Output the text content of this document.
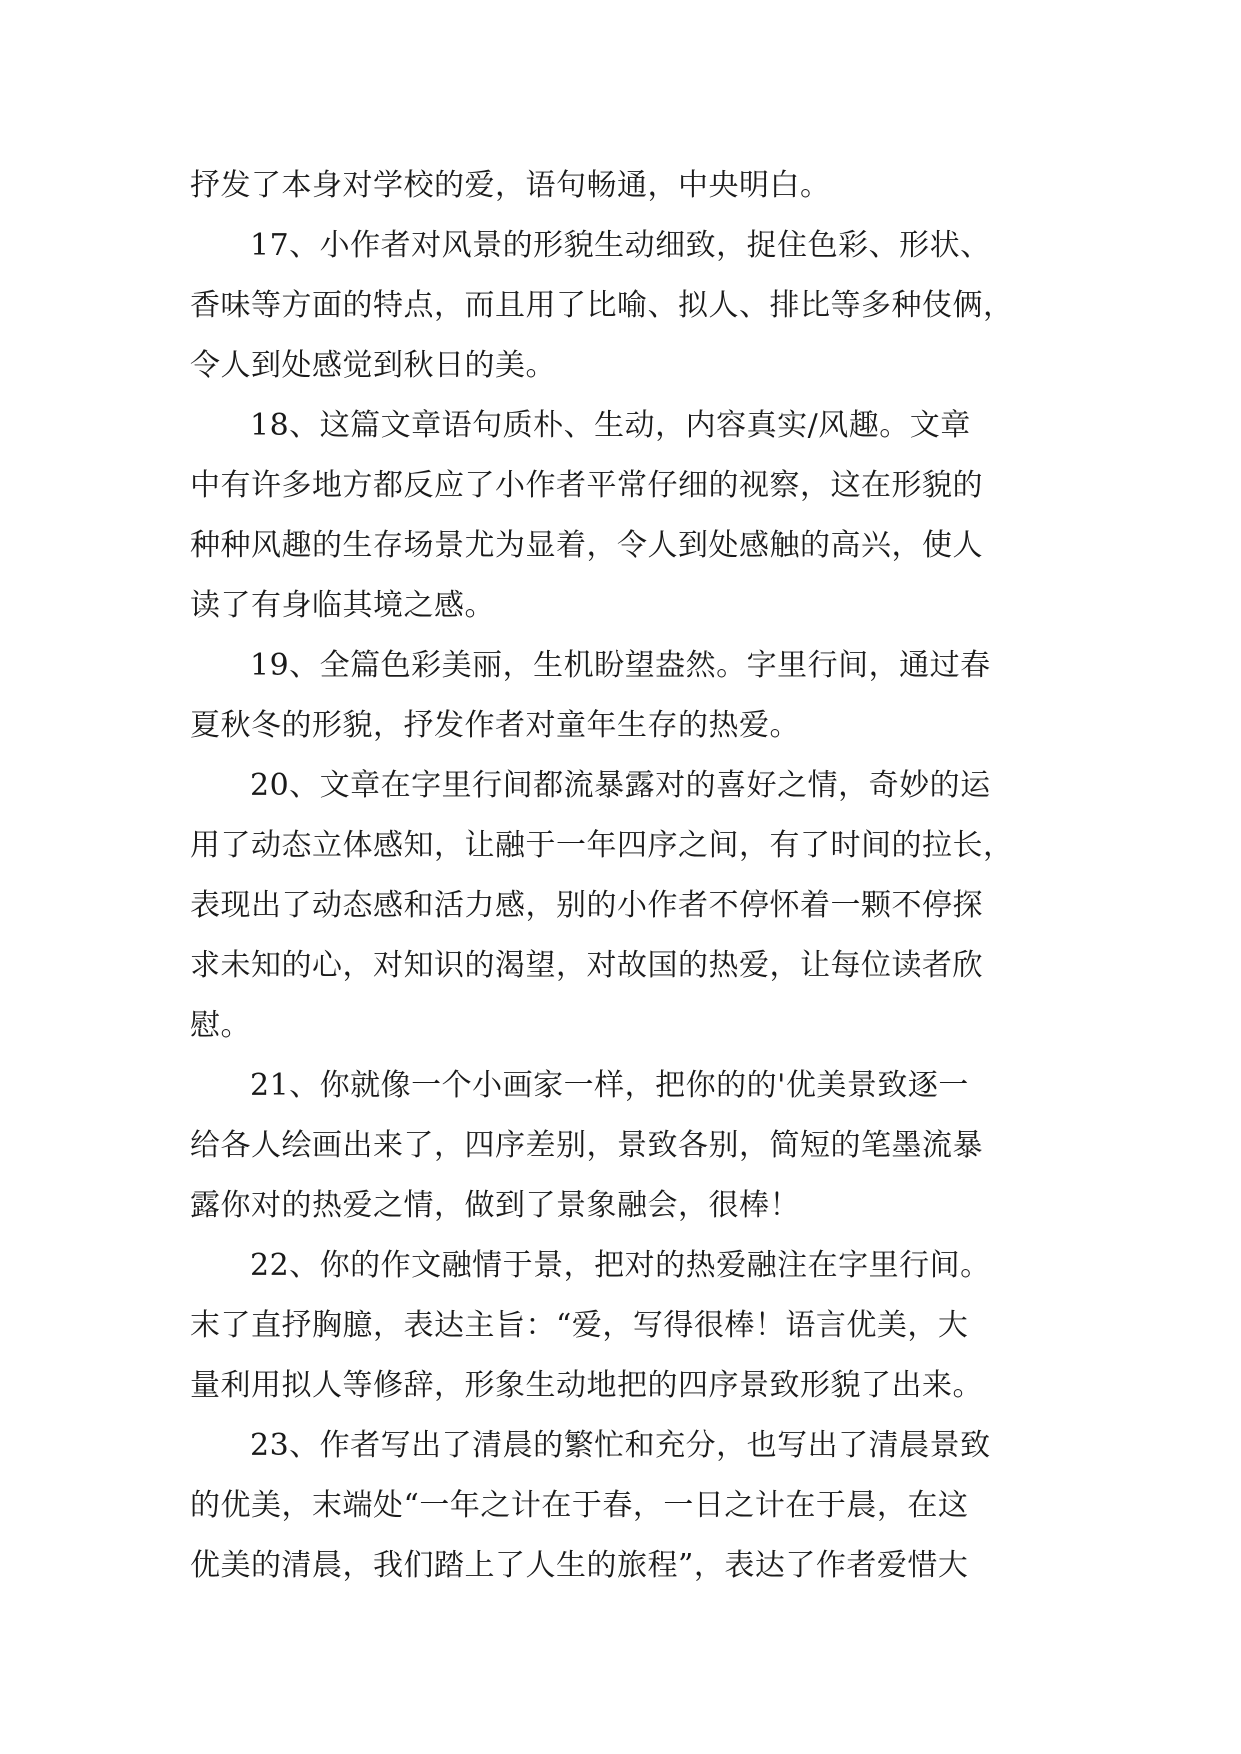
抒发了本身对学校的爱，语句畅通，中央明白。
17、小作者对风景的形貌生动细致，捉住色彩、形状、
香味等方面的特点，而且用了比喻、拟人、排比等多种伎俩，
令人到处感觉到秋日的美。
18、这篇文章语句质朴、生动，内容真实/风趣。文章
中有许多地方都反应了小作者平常仔细的视察，这在形貌的
种种风趣的生存场景尤为显着，令人到处感触的高兴，使人
读了有身临其境之感。
19、全篇色彩美丽，生机盼望盎然。字里行间，通过春
夏秋冬的形貌，抒发作者对童年生存的热爱。
20、文章在字里行间都流暴露对的喜好之情，奇妙的运
用了动态立体感知，让融于一年四序之间，有了时间的拉长，
表现出了动态感和活力感，别的小作者不停怀着一颗不停探
求未知的心，对知识的渴望，对故国的热爱，让每位读者欣
慰。
21、你就像一个小画家一样，把你的的'优美景致逐一
给各人绘画出来了，四序差别，景致各别，简短的笔墨流暴
露你对的热爱之情，做到了景象融会，很棒！
22、你的作文融情于景，把对的热爱融注在字里行间。
末了直抒胸臆，表达主旨：“爱，写得很棒！语言优美，大
量利用拟人等修辞，形象生动地把的四序景致形貌了出来。
23、作者写出了清晨的繁忙和充分，也写出了清晨景致
的优美，末端处“一年之计在于春，一日之计在于晨，在这
优美的清晨，我们踏上了人生的旅程”，表达了作者爱惜大
